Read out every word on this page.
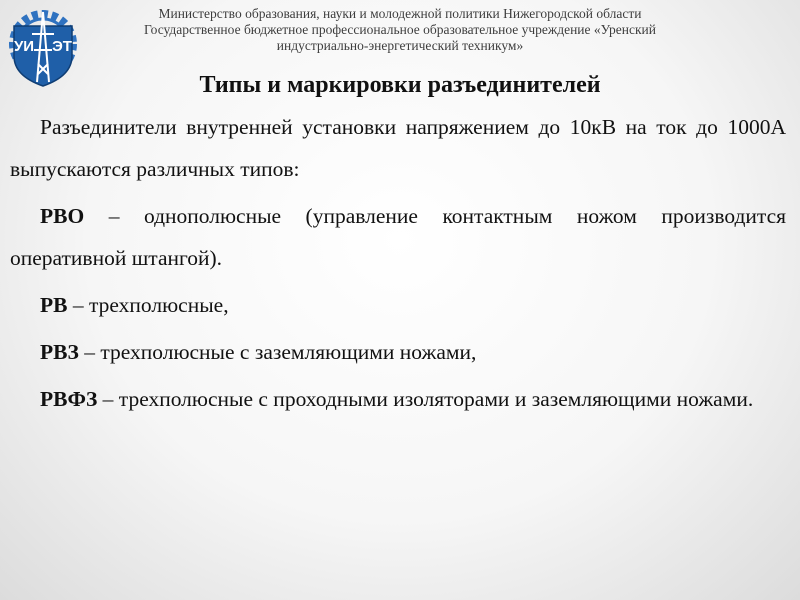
УИ ЭТ
Министерство образования, науки и молодежной политики Нижегородской области
Государственное бюджетное профессиональное образовательное учреждение «Уренский
индустриально-энергетический техникум»
Типы и маркировки разъединителей

Разъединители внутренней установки напряжением до 10кВ на ток до 1000А выпускаются различных типов:

РВО – однополюсные (управление контактным ножом производится оперативной штангой).

РВ – трехполюсные,

РВЗ – трехполюсные с заземляющими ножами,

РВФЗ – трехполюсные с проходными изоляторами и заземляющими ножами.
